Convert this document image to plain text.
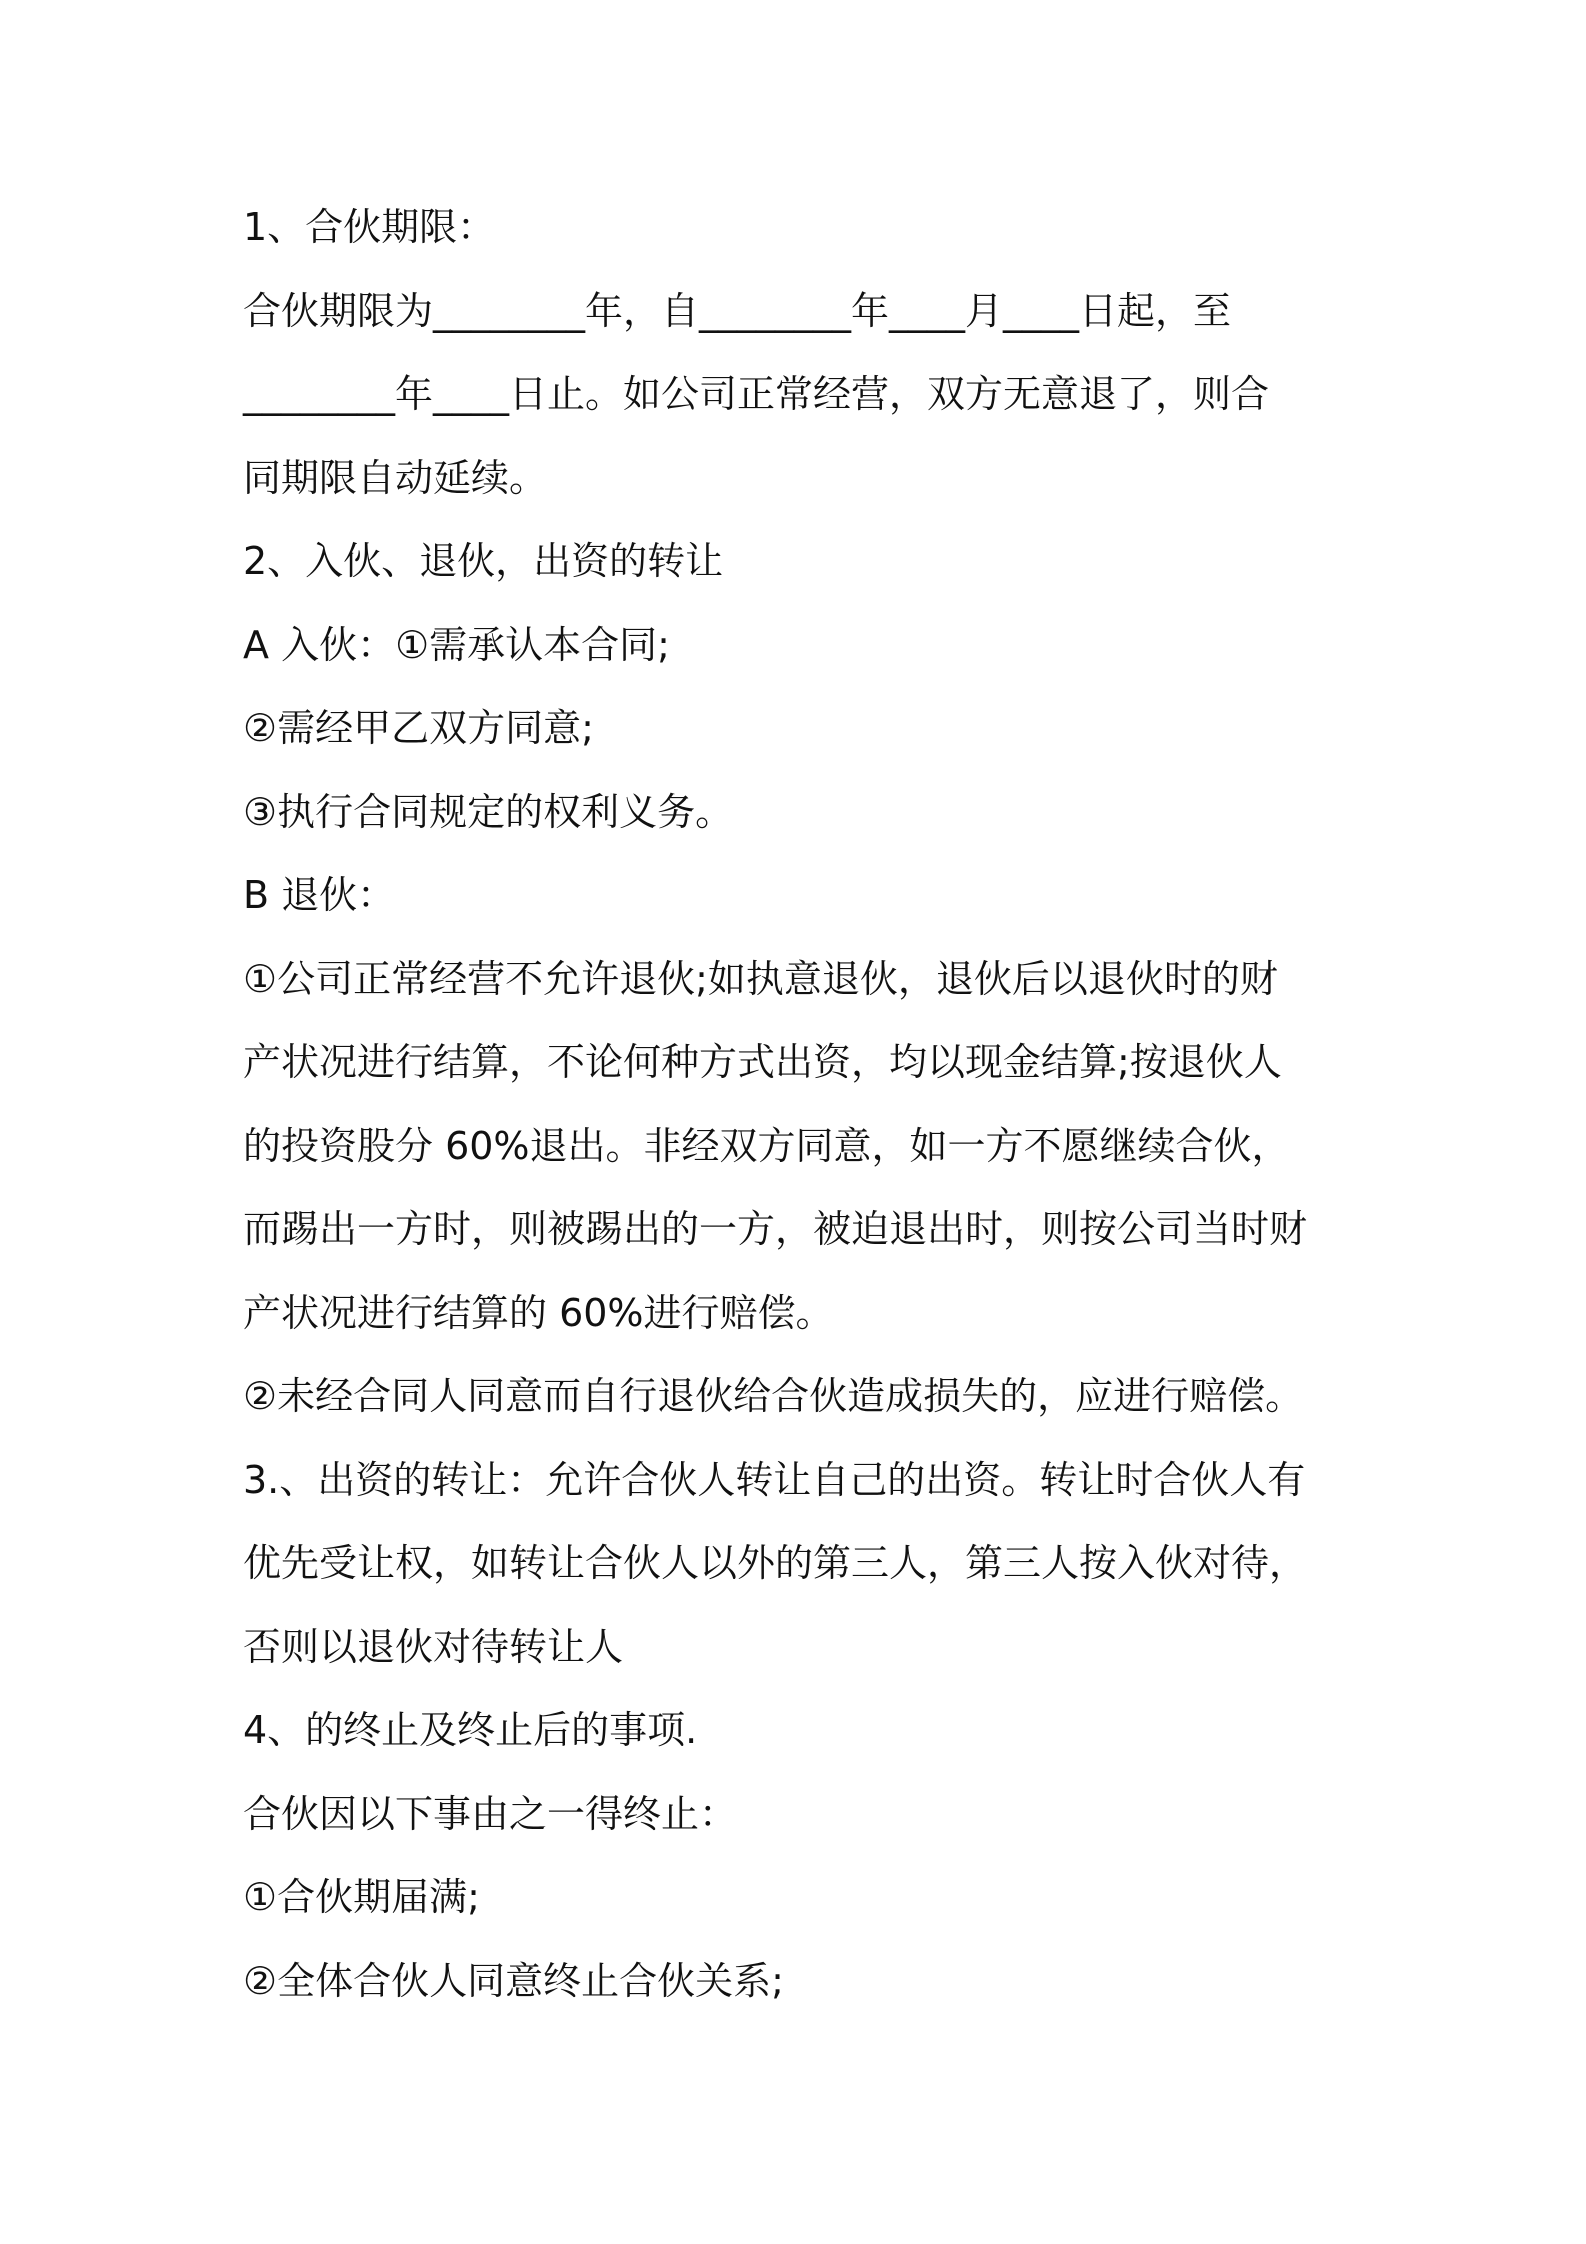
1、合伙期限：
合伙期限为________年，自________年____月____日起，至
________年____日止。如公司正常经营，双方无意退了，则合
同期限自动延续。
2、入伙、退伙，出资的转让
A 入伙：①需承认本合同;
②需经甲乙双方同意;
③执行合同规定的权利义务。
B 退伙：
①公司正常经营不允许退伙;如执意退伙，退伙后以退伙时的财
产状况进行结算，不论何种方式出资，均以现金结算;按退伙人
的投资股分 60%退出。非经双方同意，如一方不愿继续合伙，
而踢出一方时，则被踢出的一方，被迫退出时，则按公司当时财
产状况进行结算的 60%进行赔偿。
②未经合同人同意而自行退伙给合伙造成损失的，应进行赔偿。
3.、出资的转让：允许合伙人转让自己的出资。转让时合伙人有
优先受让权，如转让合伙人以外的第三人，第三人按入伙对待，
否则以退伙对待转让人
4、的终止及终止后的事项.
合伙因以下事由之一得终止：
①合伙期届满;
②全体合伙人同意终止合伙关系;
